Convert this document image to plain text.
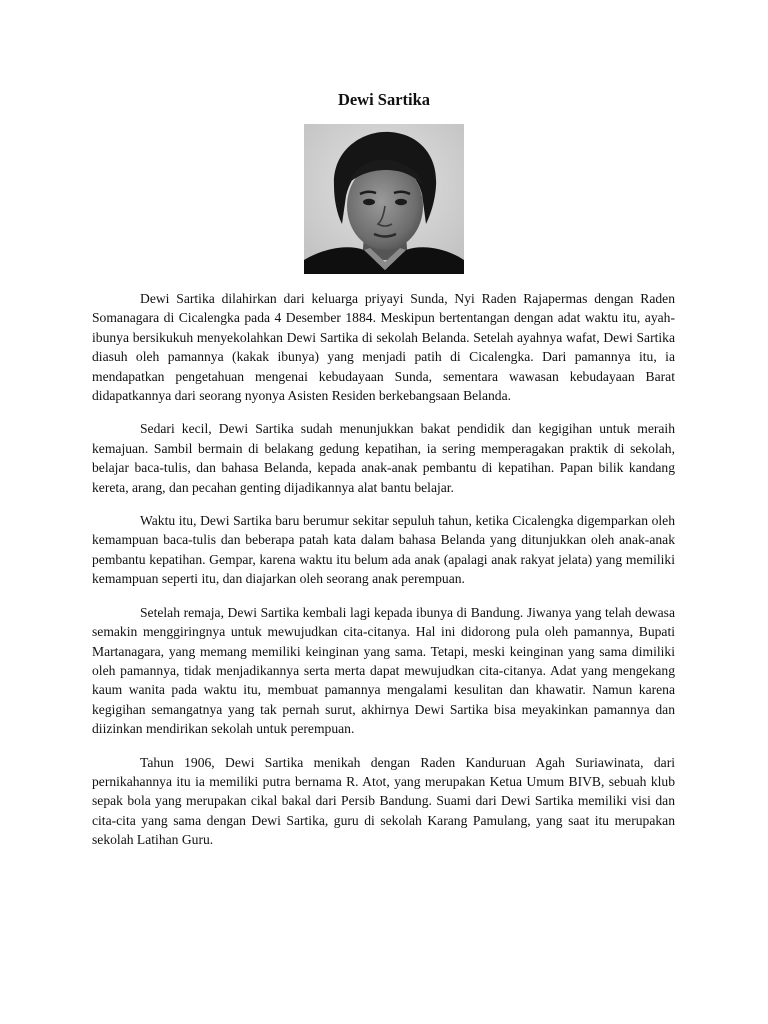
Dewi Sartika

Dewi Sartika dilahirkan dari keluarga priyayi Sunda, Nyi Raden Rajapermas dengan Raden Somanagara di Cicalengka pada 4 Desember 1884. Meskipun bertentangan dengan adat waktu itu, ayah-ibunya bersikukuh menyekolahkan Dewi Sartika di sekolah Belanda. Setelah ayahnya wafat, Dewi Sartika diasuh oleh pamannya (kakak ibunya) yang menjadi patih di Cicalengka. Dari pamannya itu, ia mendapatkan pengetahuan mengenai kebudayaan Sunda, sementara wawasan kebudayaan Barat didapatkannya dari seorang nyonya Asisten Residen berkebangsaan Belanda.

Sedari kecil, Dewi Sartika sudah menunjukkan bakat pendidik dan kegigihan untuk meraih kemajuan. Sambil bermain di belakang gedung kepatihan, ia sering memperagakan praktik di sekolah, belajar baca-tulis, dan bahasa Belanda, kepada anak-anak pembantu di kepatihan. Papan bilik kandang kereta, arang, dan pecahan genting dijadikannya alat bantu belajar.

Waktu itu, Dewi Sartika baru berumur sekitar sepuluh tahun, ketika Cicalengka digemparkan oleh kemampuan baca-tulis dan beberapa patah kata dalam bahasa Belanda yang ditunjukkan oleh anak-anak pembantu kepatihan. Gempar, karena waktu itu belum ada anak (apalagi anak rakyat jelata) yang memiliki kemampuan seperti itu, dan diajarkan oleh seorang anak perempuan.

Setelah remaja, Dewi Sartika kembali lagi kepada ibunya di Bandung. Jiwanya yang telah dewasa semakin menggiringnya untuk mewujudkan cita-citanya. Hal ini didorong pula oleh pamannya, Bupati Martanagara, yang memang memiliki keinginan yang sama. Tetapi, meski keinginan yang sama dimiliki oleh pamannya, tidak menjadikannya serta merta dapat mewujudkan cita-citanya. Adat yang mengekang kaum wanita pada waktu itu, membuat pamannya mengalami kesulitan dan khawatir. Namun karena kegigihan semangatnya yang tak pernah surut, akhirnya Dewi Sartika bisa meyakinkan pamannya dan diizinkan mendirikan sekolah untuk perempuan.

Tahun 1906, Dewi Sartika menikah dengan Raden Kanduruan Agah Suriawinata, dari pernikahannya itu ia memiliki putra bernama R. Atot, yang merupakan Ketua Umum BIVB, sebuah klub sepak bola yang merupakan cikal bakal dari Persib Bandung. Suami dari Dewi Sartika memiliki visi dan cita-cita yang sama dengan Dewi Sartika, guru di sekolah Karang Pamulang, yang saat itu merupakan sekolah Latihan Guru.
